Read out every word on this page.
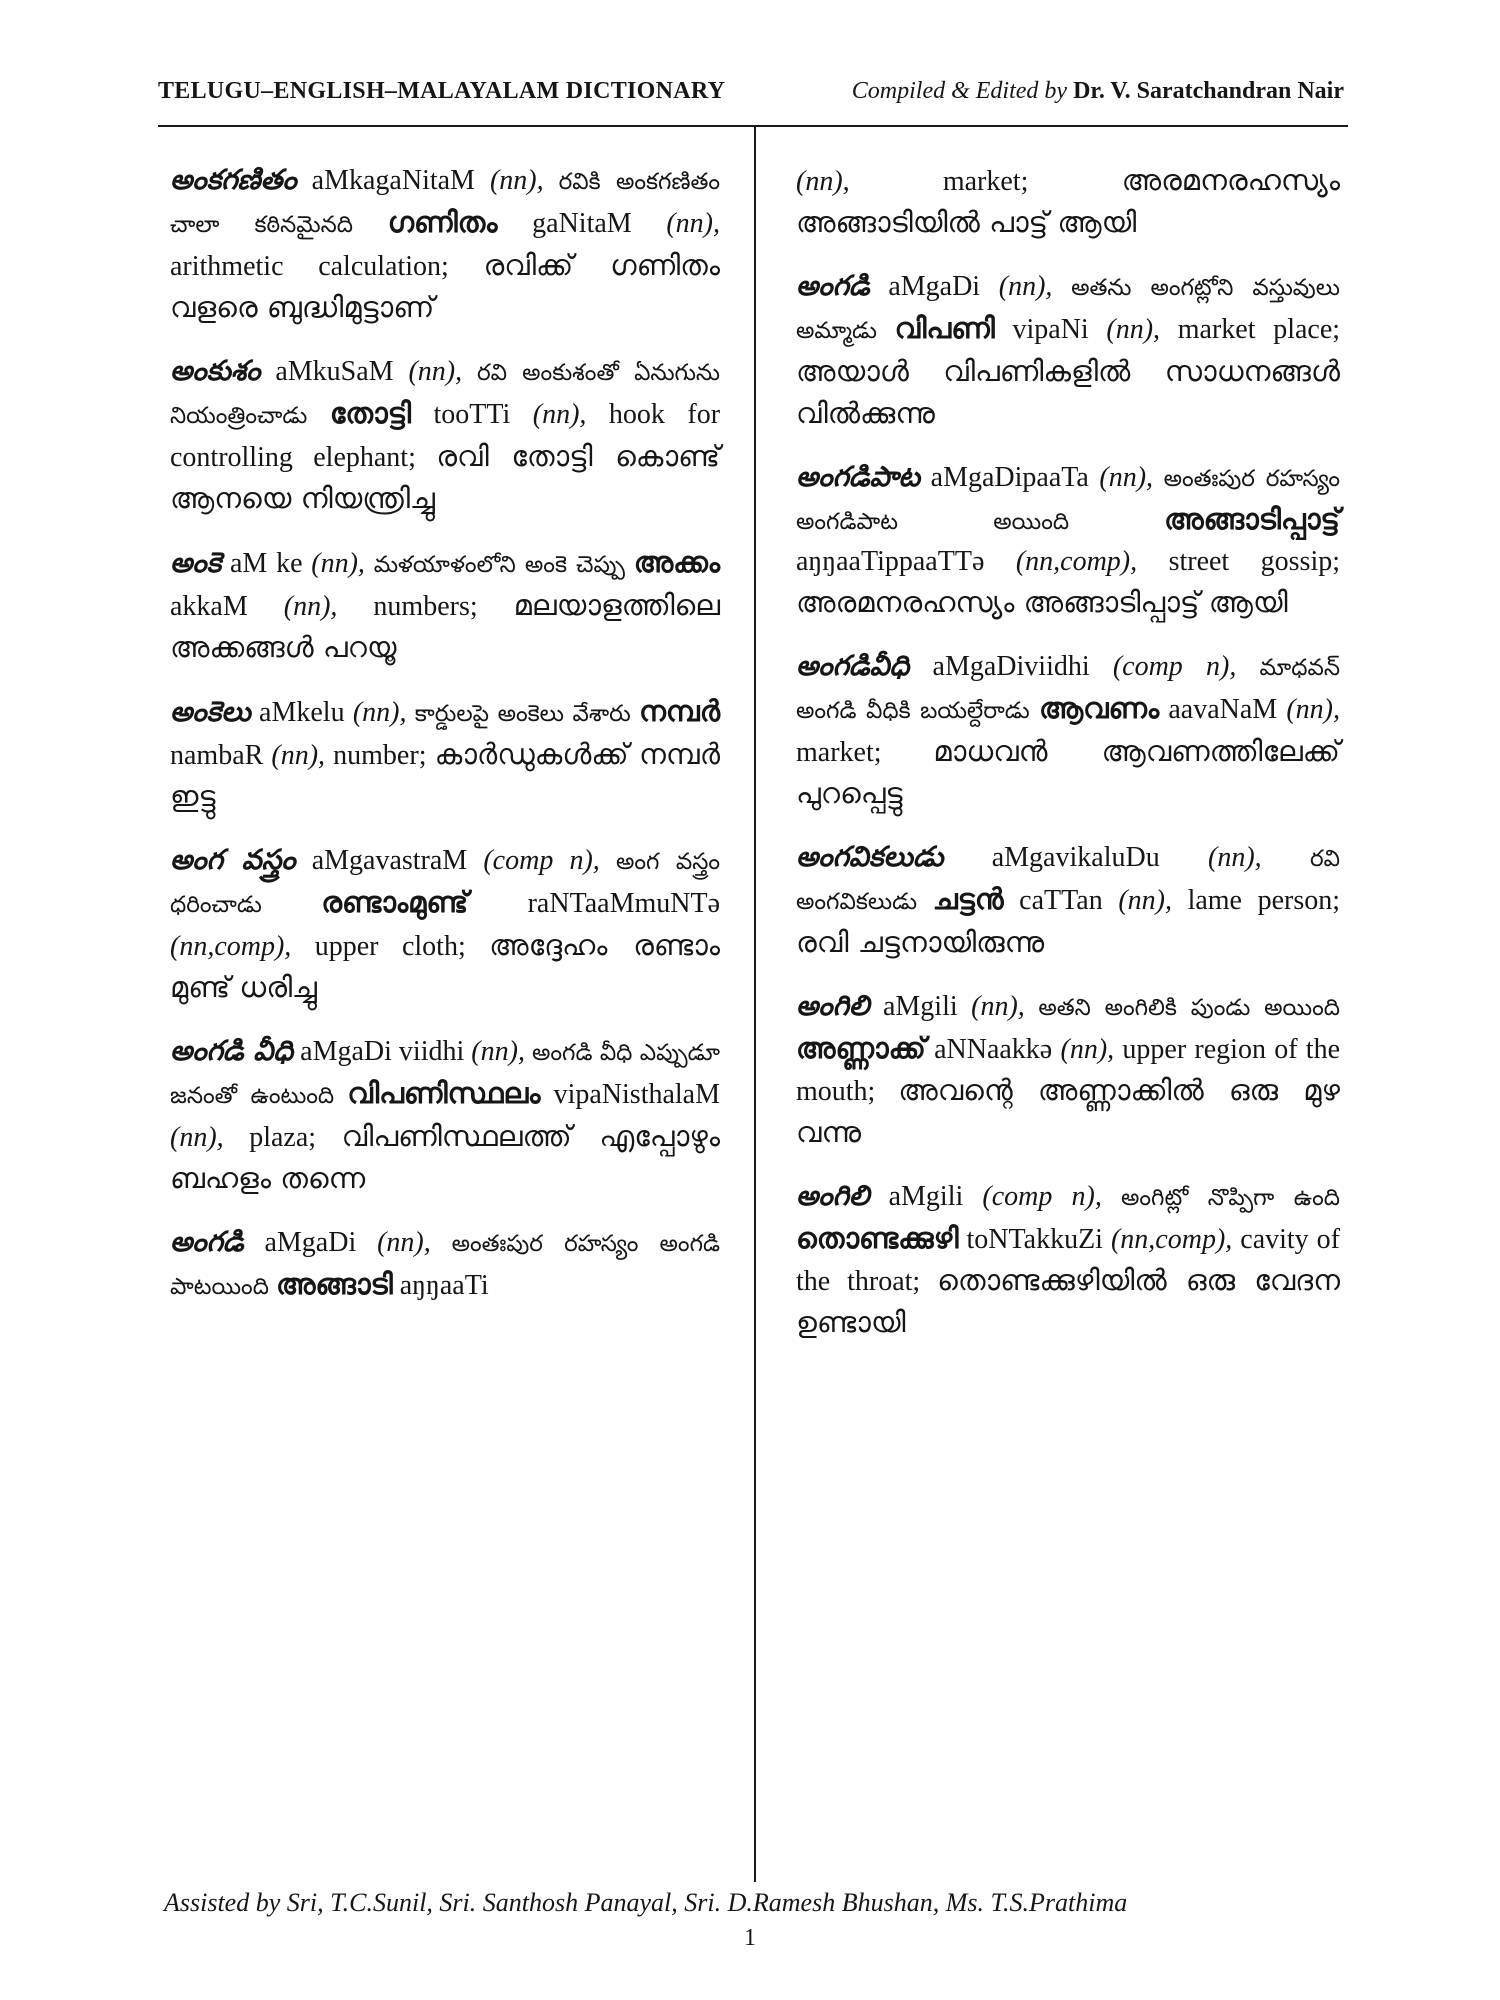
TELUGU–ENGLISH–MALAYALAM DICTIONARY	Compiled & Edited by Dr. V. Saratchandran Nair
అంకగణితం aMkagaNitaM (nn), రవికి అంకగణితం చాలా కఠినమైనది ഗണിതം gaNitaM (nn), arithmetic calculation; രവിക്ക് ഗണിതം വളരെ ബുദ്ധിമുട്ടാണ്
అంకుశం aMkuSaM (nn), రవి అంకుశంతో ఏనుగును నియంత్రించాడు തോട്ടി tooTTi (nn), hook for controlling elephant; രവി തോട്ടി കൊണ്ട് ആനയെ നിയന്ത്രിച്ചു
అంకె aM ke (nn), మళయాళంలోని అంకె చెప్పు അക്കം akkaM (nn), numbers; മലയാളത്തിലെ അക്കങ്ങൾ പറയൂ
అంకెలు aMkelu (nn), కార్డులపై అంకెలు వేశారు നമ്പർ nambaR (nn), number; കാർഡുകൾക്ക് നമ്പർ ഇട്ടു
అంగ వస్త్రం aMgavastraM (comp n), అంగ వస్త్రం ధరించాడు രണ്ടാംമുണ്ട് raNTaaMmuNTə (nn,comp), upper cloth; അദ്ദേഹം രണ്ടാം മുണ്ട് ധരിച്ചു
అంగడి వీధి aMgaDi viidhi (nn), అంగడి వీధి ఎప్పుడూ జనంతో ఉంటుంది വിപണിസ്ഥലം vipaNisthalaM (nn), plaza; വിപണിസ്ഥലത്ത് എപ്പോഴും ബഹളം തന്നെ
అంగడి aMgaDi (nn), అంతఃపుర రహస్యం అంగడి పాటయింది അങ്ങാടി aŋŋaaTi
(nn),	market;	അരമനരഹസ്യം അങ്ങാടിയിൽ പാട്ട് ആയി
అంగడి aMgaDi (nn), అతను అంగట్లోని వస్తువులు అమ్మాడు വിപണി vipaNi (nn), market place; അയാൾ വിപണികളിൽ സാധനങ്ങൾ വിൽക്കുന്നു
అంగడిపాట aMgaDipaaTa (nn), అంతఃపుర రహస్యం అంగడిపాట అయింది	അങ്ങാടിപ്പാട്ട് aŋŋaaTippaaTTə (nn,comp), street gossip; അരമനരഹസ്യം അങ്ങാടിപ്പാട്ട് ആയി
అంగడివీధి aMgaDiviidhi (comp n), మాధవన్ అంగడి వీధికి బయల్దేరాడు ആവണം aavaNaM (nn), market; മാധവൻ ആവണത്തിലേക്ക് പുറപ്പെട്ടു
అంగవికలుడు aMgavikaluDu (nn), రవి అంగవికలుడు ചട്ടൻ caTTan (nn), lame person; രവി ചട്ടനായിരുന്നു
అంగిలి aMgili (nn), అతని అంగిలికి పుండు అయింది അണ്ണാക്ക് aNNaakkə (nn), upper region of the mouth; അവന്റെ അണ്ണാക്കിൽ ഒരു മുഴ വന്നു
అంగిలి aMgili (comp n), అంగిట్లో నొప్పిగా ఉంది തൊണ്ടക്കുഴി toNTakkuZi (nn,comp), cavity of the throat; തൊണ്ടക്കുഴിയിൽ ഒരു വേദന ഉണ്ടായി
Assisted by Sri, T.C.Sunil, Sri. Santhosh Panayal, Sri. D.Ramesh Bhushan, Ms. T.S.Prathima
1
